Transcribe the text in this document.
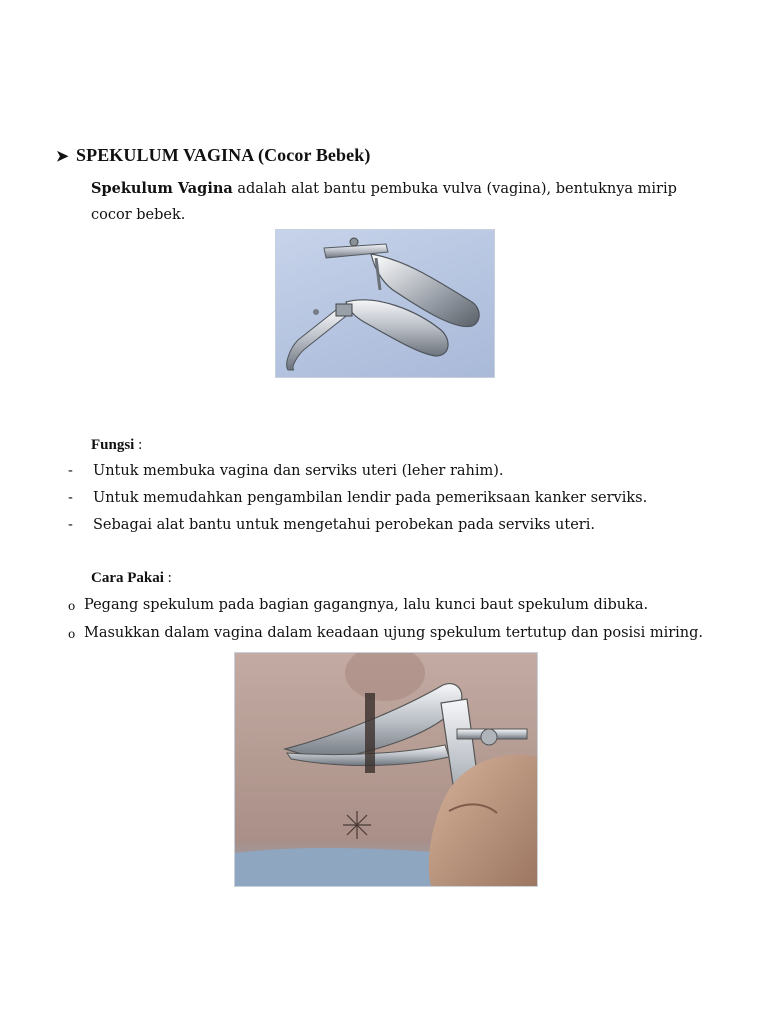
➤ SPEKULUM VAGINA (Cocor Bebek)
Spekulum Vagina adalah alat bantu pembuka vulva (vagina), bentuknya mirip cocor bebek.
Fungsi :
- Untuk membuka vagina dan serviks uteri (leher rahim).
- Untuk memudahkan pengambilan lendir pada pemeriksaan kanker serviks.
- Sebagai alat bantu untuk mengetahui perobekan pada serviks uteri.
Cara Pakai :
o Pegang spekulum pada bagian gagangnya, lalu kunci baut spekulum dibuka.
o Masukkan dalam vagina dalam keadaan ujung spekulum tertutup dan posisi miring.
